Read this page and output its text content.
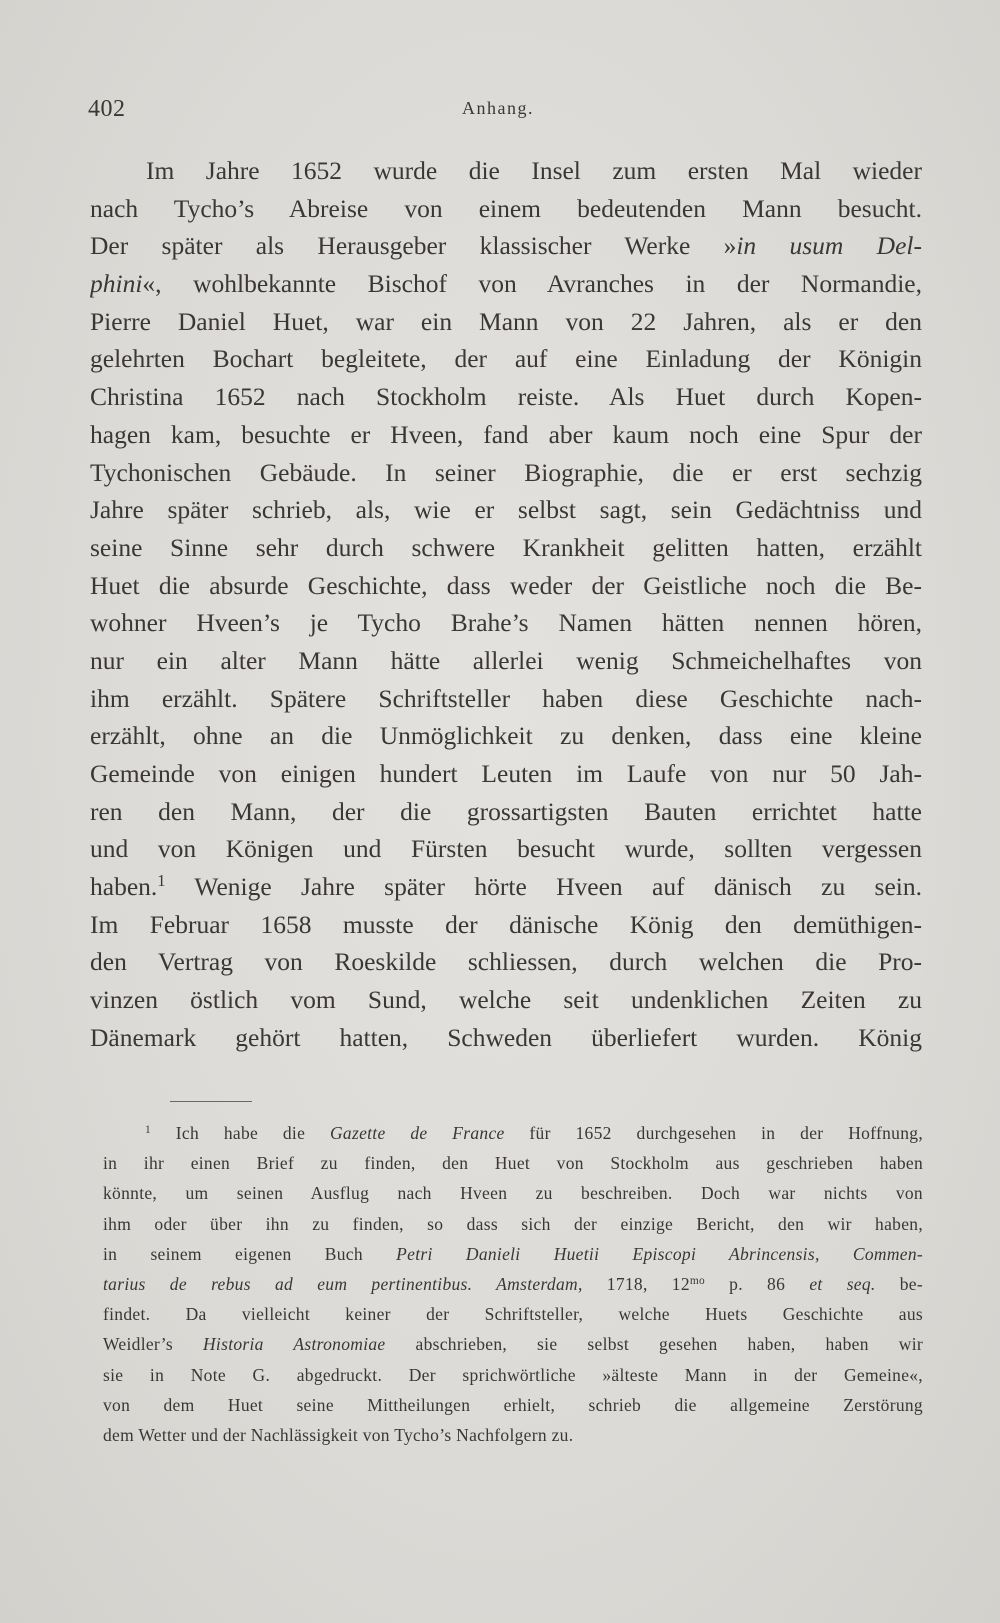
402	Anhang.
Im Jahre 1652 wurde die Insel zum ersten Mal wieder
nach Tycho’s Abreise von einem bedeutenden Mann besucht.
Der später als Herausgeber klassischer Werke »in usum Del-
phini«, wohlbekannte Bischof von Avranches in der Normandie,
Pierre Daniel Huet, war ein Mann von 22 Jahren, als er den
gelehrten Bochart begleitete, der auf eine Einladung der Königin
Christina 1652 nach Stockholm reiste. Als Huet durch Kopen-
hagen kam, besuchte er Hveen, fand aber kaum noch eine Spur der
Tychonischen Gebäude. In seiner Biographie, die er erst sechzig
Jahre später schrieb, als, wie er selbst sagt, sein Gedächtniss und
seine Sinne sehr durch schwere Krankheit gelitten hatten, erzählt
Huet die absurde Geschichte, dass weder der Geistliche noch die Be-
wohner Hveen’s je Tycho Brahe’s Namen hätten nennen hören,
nur ein alter Mann hätte allerlei wenig Schmeichelhaftes von
ihm erzählt. Spätere Schriftsteller haben diese Geschichte nach-
erzählt, ohne an die Unmöglichkeit zu denken, dass eine kleine
Gemeinde von einigen hundert Leuten im Laufe von nur 50 Jah-
ren den Mann, der die grossartigsten Bauten errichtet hatte
und von Königen und Fürsten besucht wurde, sollten vergessen
haben.$^1$ Wenige Jahre später hörte Hveen auf dänisch zu sein.
Im Februar 1658 musste der dänische König den demüthigen-
den Vertrag von Roeskilde schliessen, durch welchen die Pro-
vinzen östlich vom Sund, welche seit undenklichen Zeiten zu
Dänemark gehört hatten, Schweden überliefert wurden. König
$^1$ Ich habe die Gazette de France für 1652 durchgesehen in der Hoffnung,
in ihr einen Brief zu finden, den Huet von Stockholm aus geschrieben haben
könnte, um seinen Ausflug nach Hveen zu beschreiben. Doch war nichts von
ihm oder über ihn zu finden, so dass sich der einzige Bericht, den wir haben,
in seinem eigenen Buch Petri Danieli Huetii Episcopi Abrincensis, Commen-
tarius de rebus ad eum pertinentibus. Amsterdam, 1718, $12^{mo}$ p. 86 et seq. be-
findet. Da vielleicht keiner der Schriftsteller, welche Huets Geschichte aus
Weidler’s Historia Astronomiae abschrieben, sie selbst gesehen haben, haben wir
sie in Note G. abgedruckt. Der sprichwörtliche »älteste Mann in der Gemeine«,
von dem Huet seine Mittheilungen erhielt, schrieb die allgemeine Zerstörung
dem Wetter und der Nachlässigkeit von Tycho’s Nachfolgern zu.
